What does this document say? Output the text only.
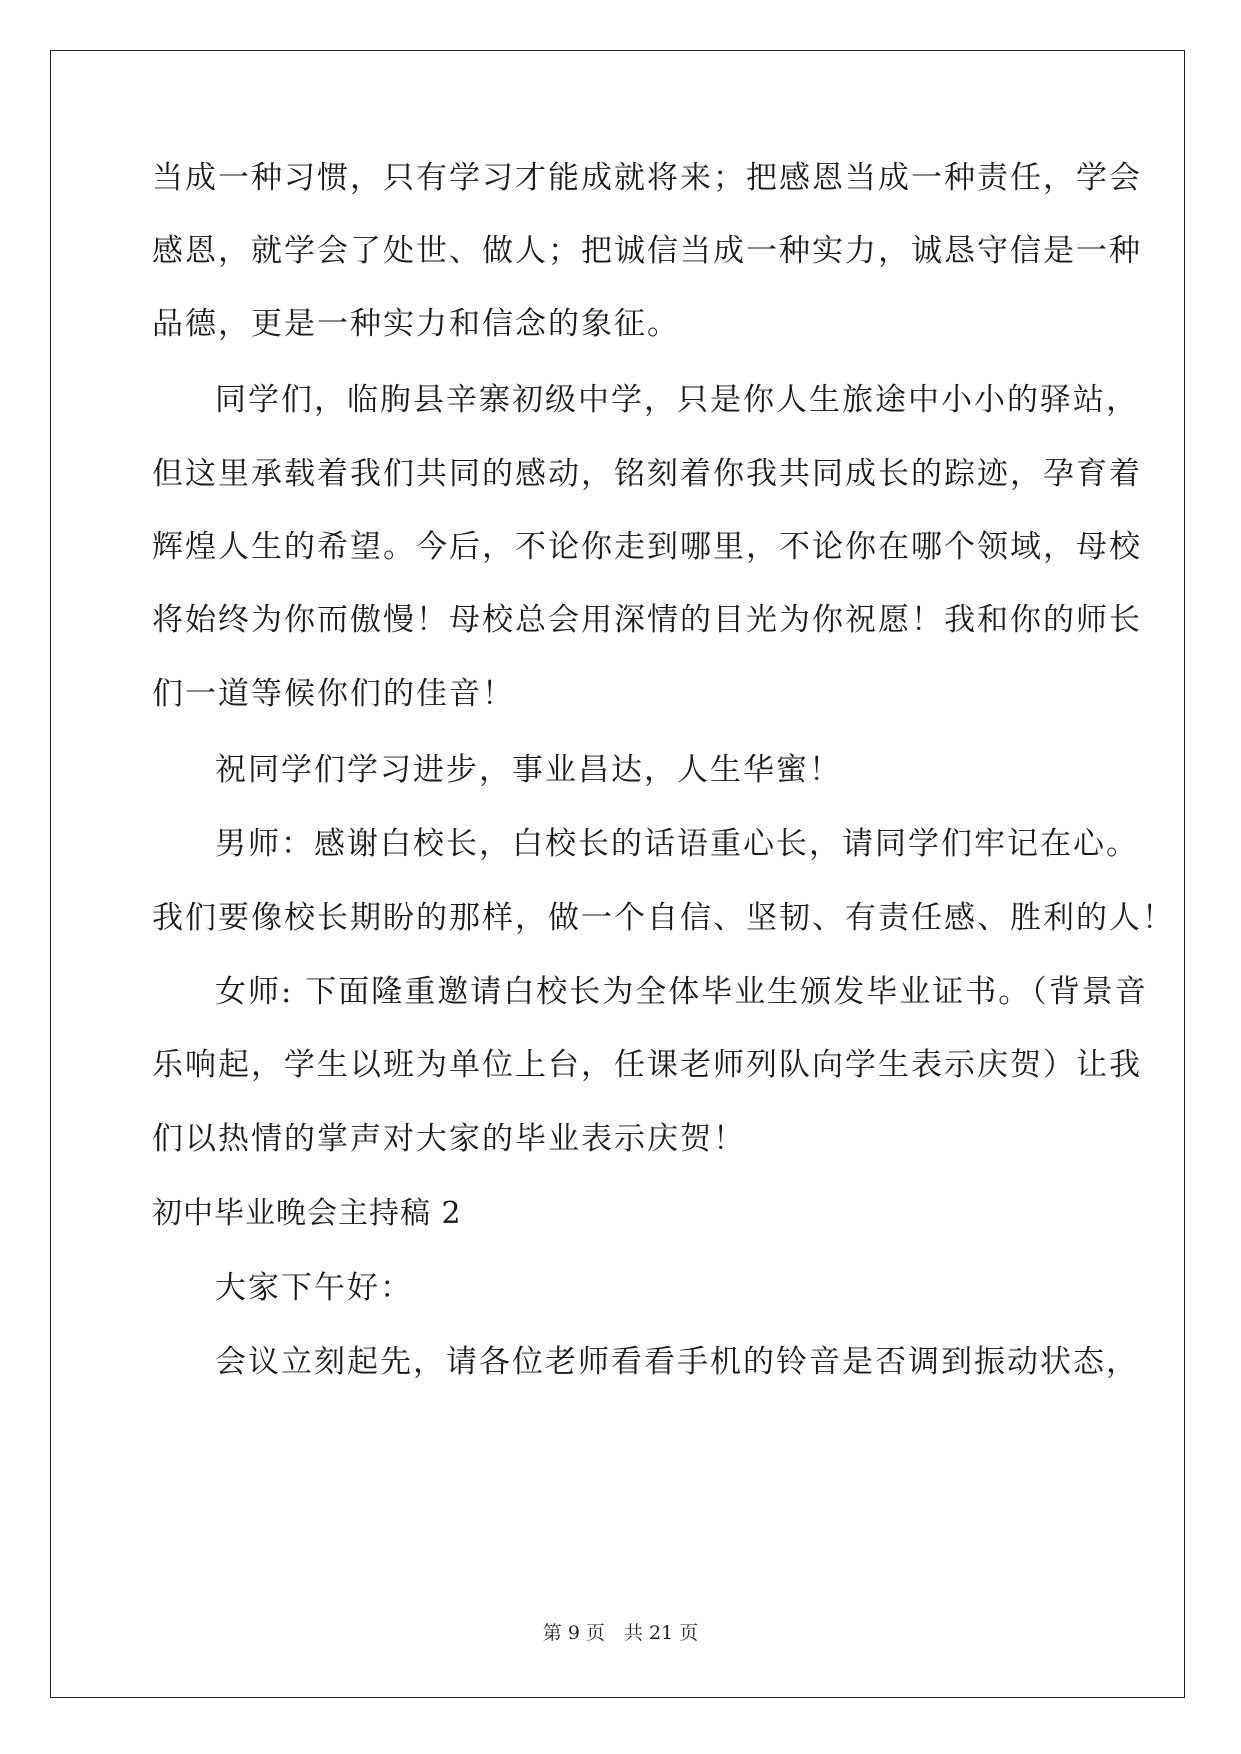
当成一种习惯，只有学习才能成就将来；把感恩当成一种责任，学会
感恩，就学会了处世、做人；把诚信当成一种实力，诚恳守信是一种
品德，更是一种实力和信念的象征。
同学们，临朐县辛寨初级中学，只是你人生旅途中小小的驿站，
但这里承载着我们共同的感动，铭刻着你我共同成长的踪迹，孕育着
辉煌人生的希望。今后，不论你走到哪里，不论你在哪个领域，母校
将始终为你而傲慢！母校总会用深情的目光为你祝愿！我和你的师长
们一道等候你们的佳音！
祝同学们学习进步，事业昌达，人生华蜜！
男师：感谢白校长，白校长的话语重心长，请同学们牢记在心。
我们要像校长期盼的那样，做一个自信、坚韧、有责任感、胜利的人！
女师: 下面隆重邀请白校长为全体毕业生颁发毕业证书。（背景音
乐响起，学生以班为单位上台，任课老师列队向学生表示庆贺）让我
们以热情的掌声对大家的毕业表示庆贺！
初中毕业晚会主持稿 2
大家下午好：
会议立刻起先，请各位老师看看手机的铃音是否调到振动状态，
第 9 页　共 21 页
